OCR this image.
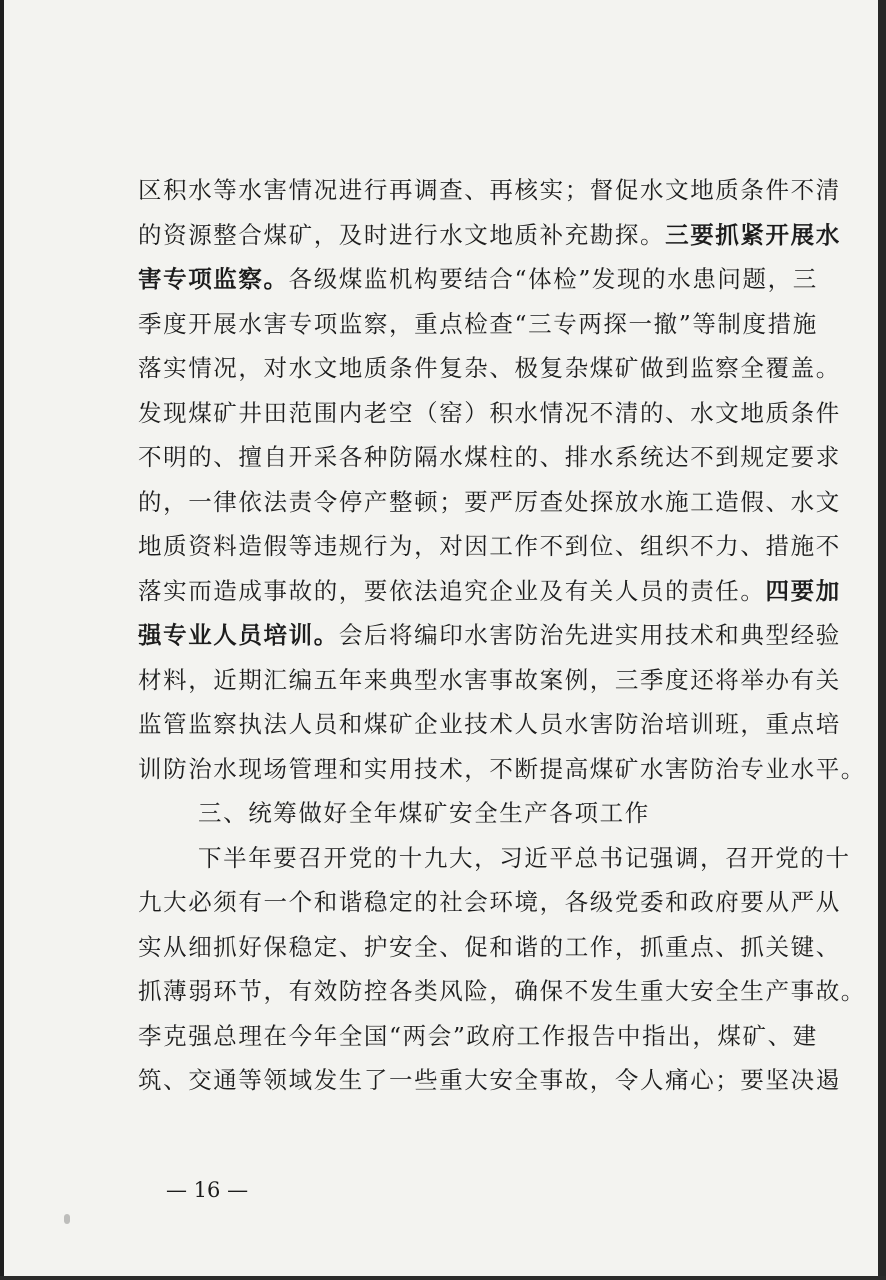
区积水等水害情况进行再调查、再核实；督促水文地质条件不清
的资源整合煤矿，及时进行水文地质补充勘探。三要抓紧开展水
害专项监察。各级煤监机构要结合“体检”发现的水患问题，三
季度开展水害专项监察，重点检查“三专两探一撤”等制度措施
落实情况，对水文地质条件复杂、极复杂煤矿做到监察全覆盖。
发现煤矿井田范围内老空（窑）积水情况不清的、水文地质条件
不明的、擅自开采各种防隔水煤柱的、排水系统达不到规定要求
的，一律依法责令停产整顿；要严厉查处探放水施工造假、水文
地质资料造假等违规行为，对因工作不到位、组织不力、措施不
落实而造成事故的，要依法追究企业及有关人员的责任。四要加
强专业人员培训。会后将编印水害防治先进实用技术和典型经验
材料，近期汇编五年来典型水害事故案例，三季度还将举办有关
监管监察执法人员和煤矿企业技术人员水害防治培训班，重点培
训防治水现场管理和实用技术，不断提高煤矿水害防治专业水平。
三、统筹做好全年煤矿安全生产各项工作
下半年要召开党的十九大，习近平总书记强调，召开党的十
九大必须有一个和谐稳定的社会环境，各级党委和政府要从严从
实从细抓好保稳定、护安全、促和谐的工作，抓重点、抓关键、
抓薄弱环节，有效防控各类风险，确保不发生重大安全生产事故。
李克强总理在今年全国“两会”政府工作报告中指出，煤矿、建
筑、交通等领域发生了一些重大安全事故，令人痛心；要坚决遏
— 16 —
